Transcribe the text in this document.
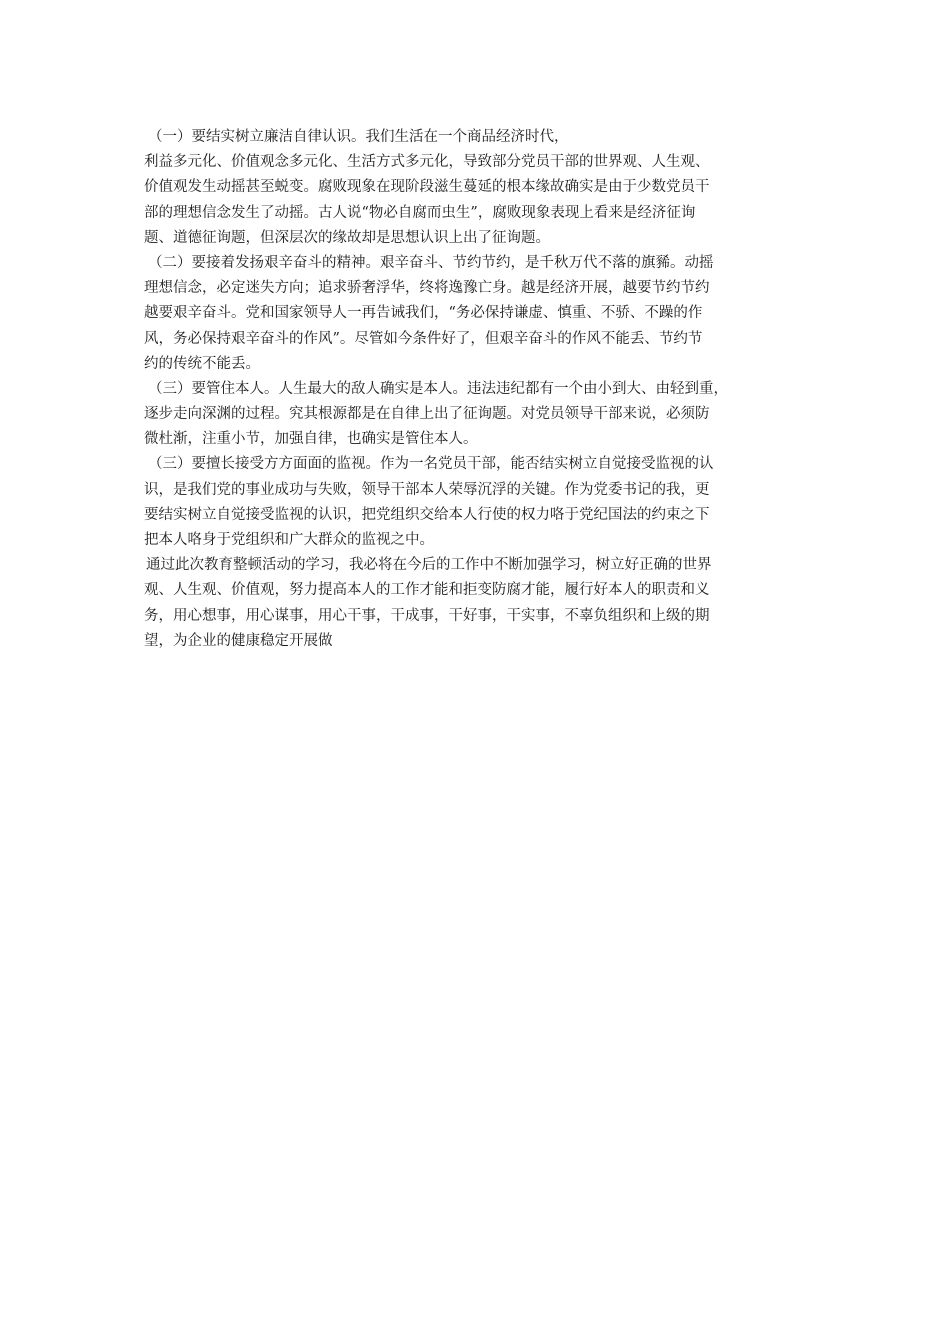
（一）要结实树立廉洁自律认识。我们生活在一个商品经济时代，
利益多元化、价值观念多元化、生活方式多元化，导致部分党员干部的世界观、人生观、
价值观发生动摇甚至蜕变。腐败现象在现阶段滋生蔓延的根本缘故确实是由于少数党员干
部的理想信念发生了动摇。古人说“物必自腐而虫生”，腐败现象表现上看来是经济征询
题、道德征询题，但深层次的缘故却是思想认识上出了征询题。
（二）要接着发扬艰辛奋斗的精神。艰辛奋斗、节约节约，是千秋万代不落的旗豨。动摇
理想信念，必定迷失方向；追求骄奢浮华，终将逸豫亡身。越是经济开展，越要节约节约
越要艰辛奋斗。党和国家领导人一再告诫我们，“务必保持谦虚、慎重、不骄、不躁的作
风，务必保持艰辛奋斗的作风”。尽管如今条件好了，但艰辛奋斗的作风不能丢、节约节
约的传统不能丢。
（三）要管住本人。人生最大的敌人确实是本人。违法违纪都有一个由小到大、由轻到重，
逐步走向深渊的过程。究其根源都是在自律上出了征询题。对党员领导干部来说，必须防
微杜渐，注重小节，加强自律，也确实是管住本人。
（三）要擅长接受方方面面的监视。作为一名党员干部，能否结实树立自觉接受监视的认
识，是我们党的事业成功与失败，领导干部本人荣辱沉浮的关键。作为党委书记的我，更
要结实树立自觉接受监视的认识，把党组织交给本人行使的权力咯于党纪国法的约束之下
把本人咯身于党组织和广大群众的监视之中。
通过此次教育整顿活动的学习，我必将在今后的工作中不断加强学习，树立好正确的世界
观、人生观、价值观，努力提高本人的工作才能和拒变防腐才能，履行好本人的职责和义
务，用心想事，用心谋事，用心干事，干成事，干好事，干实事，不辜负组织和上级的期
望，为企业的健康稳定开展做
